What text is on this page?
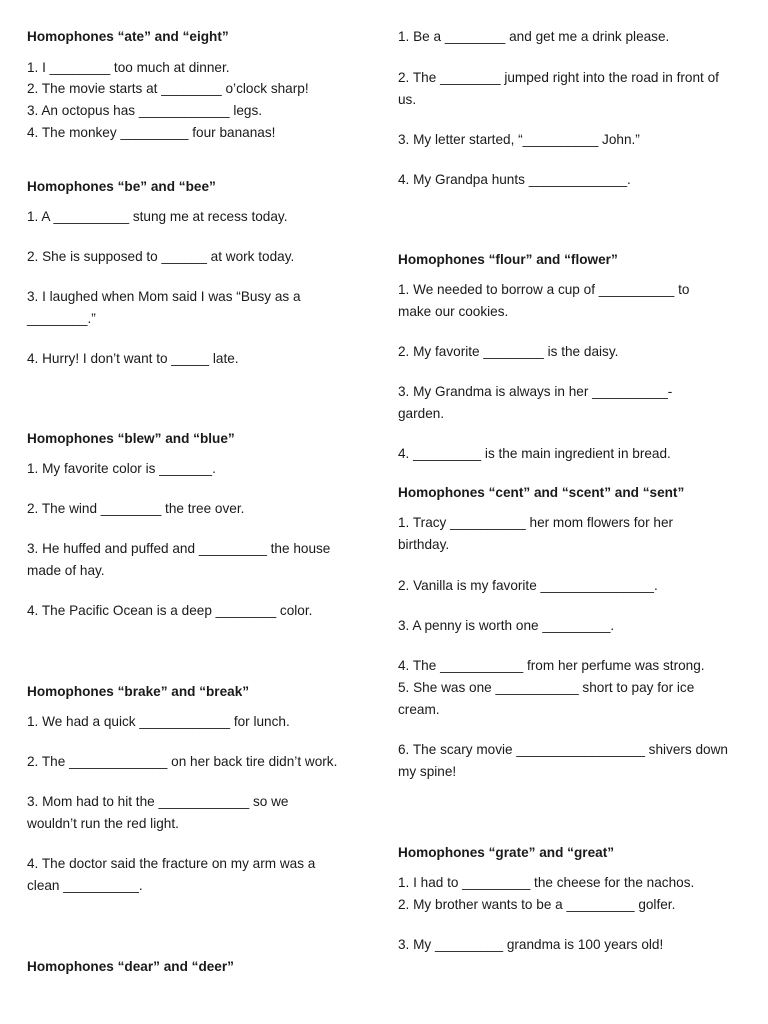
Homophones “ate” and “eight”

1. I ________ too much at dinner.

2. The movie starts at ________ o’clock sharp!

3. An octopus has ____________ legs.

4. The monkey _________ four bananas!

Homophones “be” and “bee”

1. A __________ stung me at recess today.

2. She is supposed to ______ at work today.

3. I laughed when Mom said I was “Busy as a ________.”

4. Hurry! I don’t want to _____ late.

Homophones “blew” and “blue”

1. My favorite color is _______.

2. The wind ________ the tree over.

3. He huffed and puffed and _________ the house made of hay.

4. The Pacific Ocean is a deep ________ color.

Homophones “brake” and “break”

1. We had a quick ____________ for lunch.

2. The _____________ on her back tire didn’t work.

3. Mom had to hit the ____________ so we wouldn’t run the red light.

4. The doctor said the fracture on my arm was a clean __________.

Homophones “dear” and “deer”

1. Be a ________ and get me a drink please.

2. The ________ jumped right into the road in front of us.

3. My letter started, “__________ John.”

4. My Grandpa hunts _____________.

Homophones “flour” and “flower”

1. We needed to borrow a cup of __________ to make our cookies.

2. My favorite ________ is the daisy.

3. My Grandma is always in her __________-garden.

4. _________ is the main ingredient in bread.

Homophones “cent” and “scent” and “sent”

1. Tracy __________ her mom flowers for her birthday.

2. Vanilla is my favorite _______________.

3. A penny is worth one _________.

4. The ___________ from her perfume was strong.

5. She was one ___________ short to pay for ice cream.

6. The scary movie _________________ shivers down my spine!

Homophones “grate” and “great”

1. I had to _________ the cheese for the nachos.

2. My brother wants to be a _________ golfer.

3. My _________ grandma is 100 years old!
